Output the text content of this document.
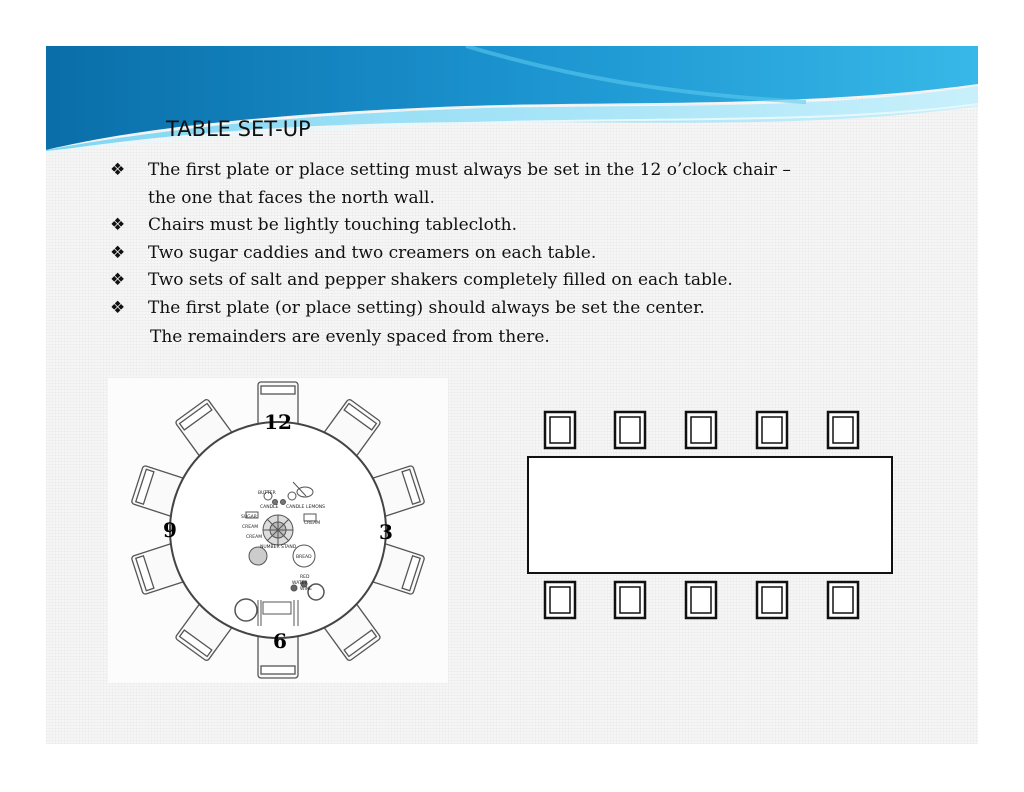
TABLE SET-UP
❖ The first plate or place setting must always be set in the 12 o’clock chair –
the one that faces the north wall.
❖ Chairs must be lightly touching tablecloth.
❖ Two sugar caddies and two creamers on each table.
❖ Two sets of salt and pepper shakers completely filled on each table.
❖ The first plate (or place setting) should always be set the center.
The remainders are evenly spaced from there.
12
9	3
6
BUTTER
CANDLE CANDLE LEMONS
SUGAR
CREAM
CREAM
CREAM
NUMBER STAND
BREAD
RED
WATER
WINE
